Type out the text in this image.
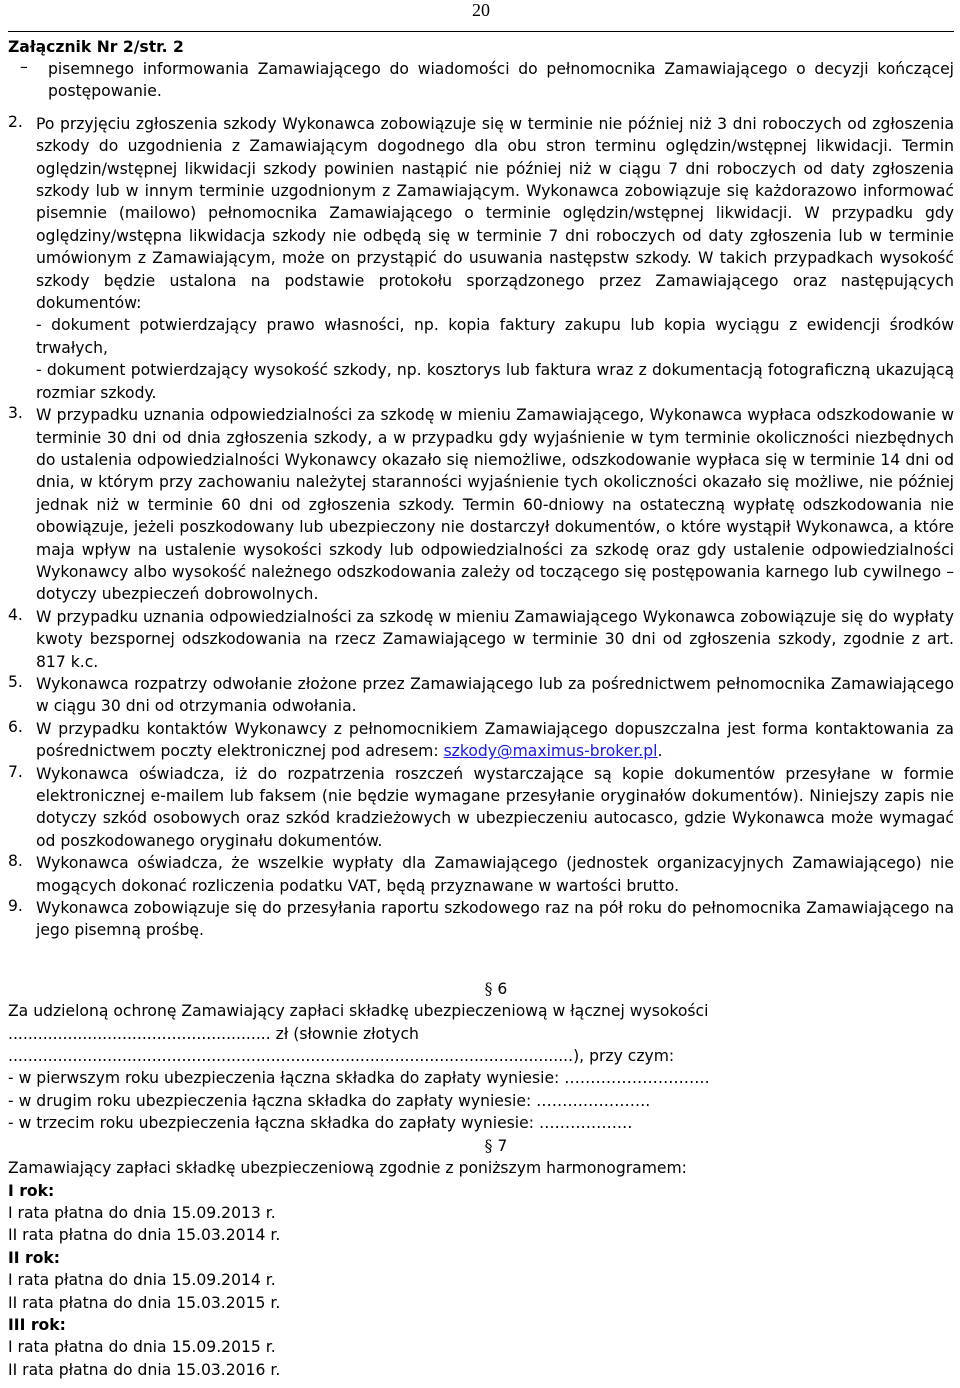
20
Załącznik Nr 2/str. 2
–	pisemnego informowania Zamawiającego do wiadomości do pełnomocnika Zamawiającego o decyzji kończącej postępowanie.

2. Po przyjęciu zgłoszenia szkody Wykonawca zobowiązuje się w terminie nie później niż 3 dni roboczych od zgłoszenia szkody do uzgodnienia z Zamawiającym dogodnego dla obu stron terminu oględzin/wstępnej likwidacji. Termin oględzin/wstępnej likwidacji szkody powinien nastąpić nie później niż w ciągu 7 dni roboczych od daty zgłoszenia szkody lub w innym terminie uzgodnionym z Zamawiającym. Wykonawca zobowiązuje się każdorazowo informować pisemnie (mailowo) pełnomocnika Zamawiającego o terminie oględzin/wstępnej likwidacji. W przypadku gdy oględziny/wstępna likwidacja szkody nie odbędą się w terminie 7 dni roboczych od daty zgłoszenia lub w terminie umówionym z Zamawiającym, może on przystąpić do usuwania następstw szkody. W takich przypadkach wysokość szkody będzie ustalona na podstawie protokołu sporządzonego przez Zamawiającego oraz następujących dokumentów:

- dokument potwierdzający prawo własności, np. kopia faktury zakupu lub kopia wyciągu z ewidencji środków trwałych,

- dokument potwierdzający wysokość szkody, np. kosztorys lub faktura wraz z dokumentacją fotograficzną ukazującą rozmiar szkody.

3. W przypadku uznania odpowiedzialności za szkodę w mieniu Zamawiającego, Wykonawca wypłaca odszkodowanie w terminie 30 dni od dnia zgłoszenia szkody, a w przypadku gdy wyjaśnienie w tym terminie okoliczności niezbędnych do ustalenia odpowiedzialności Wykonawcy okazało się niemożliwe, odszkodowanie wypłaca się w terminie 14 dni od dnia, w którym przy zachowaniu należytej staranności wyjaśnienie tych okoliczności okazało się możliwe, nie później jednak niż w terminie 60 dni od zgłoszenia szkody. Termin 60-dniowy na ostateczną wypłatę odszkodowania nie obowiązuje, jeżeli poszkodowany lub ubezpieczony nie dostarczył dokumentów, o które wystąpił Wykonawca, a które maja wpływ na ustalenie wysokości szkody lub odpowiedzialności za szkodę oraz gdy ustalenie odpowiedzialności Wykonawcy albo wysokość należnego odszkodowania zależy od toczącego się postępowania karnego lub cywilnego – dotyczy ubezpieczeń dobrowolnych.

4. W przypadku uznania odpowiedzialności za szkodę w mieniu Zamawiającego Wykonawca zobowiązuje się do wypłaty kwoty bezspornej odszkodowania na rzecz Zamawiającego w terminie 30 dni od zgłoszenia szkody, zgodnie z art. 817 k.c.

5. Wykonawca rozpatrzy odwołanie złożone przez Zamawiającego lub za pośrednictwem pełnomocnika Zamawiającego w ciągu 30 dni od otrzymania odwołania.

6. W przypadku kontaktów Wykonawcy z pełnomocnikiem Zamawiającego dopuszczalna jest forma kontaktowania za pośrednictwem poczty elektronicznej pod adresem: szkody@maximus-broker.pl.

7. Wykonawca oświadcza, iż do rozpatrzenia roszczeń wystarczające są kopie dokumentów przesyłane w formie elektronicznej e-mailem lub faksem (nie będzie wymagane przesyłanie oryginałów dokumentów). Niniejszy zapis nie dotyczy szkód osobowych oraz szkód kradzieżowych w ubezpieczeniu autocasco, gdzie Wykonawca może wymagać od poszkodowanego oryginału dokumentów.

8. Wykonawca oświadcza, że wszelkie wypłaty dla Zamawiającego (jednostek organizacyjnych Zamawiającego) nie mogących dokonać rozliczenia podatku VAT, będą przyznawane w wartości brutto.

9. Wykonawca zobowiązuje się do przesyłania raportu szkodowego raz na pół roku do pełnomocnika Zamawiającego na jego pisemną prośbę.

§ 6

Za udzieloną ochronę Zamawiający zapłaci składkę ubezpieczeniową w łącznej wysokości

..................................................... zł (słownie złotych

..................................................................................................................), przy czym:

- w pierwszym roku ubezpieczenia łączna składka do zapłaty wyniesie: ……………………….

- w drugim roku ubezpieczenia łączna składka do zapłaty wyniesie: ………………….

- w trzecim roku ubezpieczenia łączna składka do zapłaty wyniesie: ………………

§ 7

Zamawiający zapłaci składkę ubezpieczeniową zgodnie z poniższym harmonogramem:

I rok:

I rata płatna do dnia 15.09.2013 r.

II rata płatna do dnia 15.03.2014 r.

II rok:

I rata płatna do dnia 15.09.2014 r.

II rata płatna do dnia 15.03.2015 r.

III rok:

I rata płatna do dnia 15.09.2015 r.

II rata płatna do dnia 15.03.2016 r.
